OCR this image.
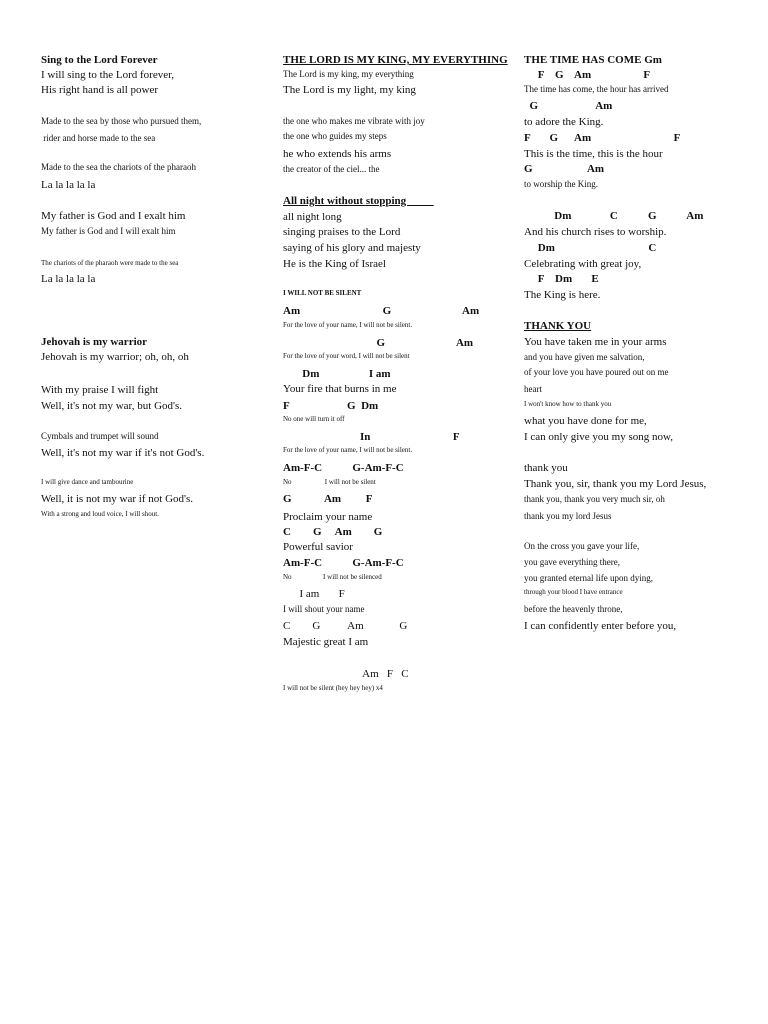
Sing to the Lord Forever
I will sing to the Lord forever,
His right hand is all power
Made to the sea by those who pursued them,
rider and horse made to the sea
Made to the sea the chariots of the pharaoh
La la la la la
My father is God and I exalt him
My father is God and I will exalt him
The chariots of the pharaoh were made to the sea
La la la la la
Jehovah is my warrior
Jehovah is my warrior; oh, oh, oh
With my praise I will fight
Well, it's not my war, but God's.
Cymbals and trumpet will sound
Well, it's not my war if it's not God's.
I will give dance and tambourine
Well, it is not my war if not God's.
With a strong and loud voice, I will shout.
THE LORD IS MY KING, MY EVERYTHING
The Lord is my king, my everything
The Lord is my light, my king
the one who makes me vibrate with joy
the one who guides my steps
he who extends his arms
the creator of the ciel... the
All night without stopping
all night long
singing praises to the Lord
saying of his glory and majesty
He is the King of Israel
I WILL NOT BE SILENT
Am                              G                          Am
For the love of your name, I will not be silent.
G                          Am
For the love of your word, I will not be silent
Dm                  I am
Your fire that burns in me
F                     G  Dm
No one will turn it off
In                              F
For the love of your name, I will not be silent.
Am-F-C           G-Am-F-C
No                   I will not be silent
G            Am         F
Proclaim your name
C        G     Am        G
Powerful savior
Am-F-C           G-Am-F-C
No                  I will not be silenced
I am       F
I will shout your name
C        G          Am             G
Majestic great I am
Am   F   C
I will not be silent (hey hey hey) x4
THE TIME HAS COME Gm
F    G    Am                   F
The time has come, the hour has arrived
G                     Am
to adore the King.
F       G      Am                              F
This is the time, this is the hour
G                    Am
to worship the King.
Dm              C           G           Am
And his church rises to worship.
Dm                                  C
Celebrating with great joy,
F    Dm       E
The King is here.
THANK YOU
You have taken me in your arms
and you have given me salvation,
of your love you have poured out on me
heart
I won't know how to thank you
what you have done for me,
I can only give you my song now,
thank you
Thank you, sir, thank you my Lord Jesus,
thank you, thank you very much sir, oh
thank you my lord Jesus
On the cross you gave your life,
you gave everything there,
you granted eternal life upon dying,
through your blood I have entrance
before the heavenly throne,
I can confidently enter before you,
